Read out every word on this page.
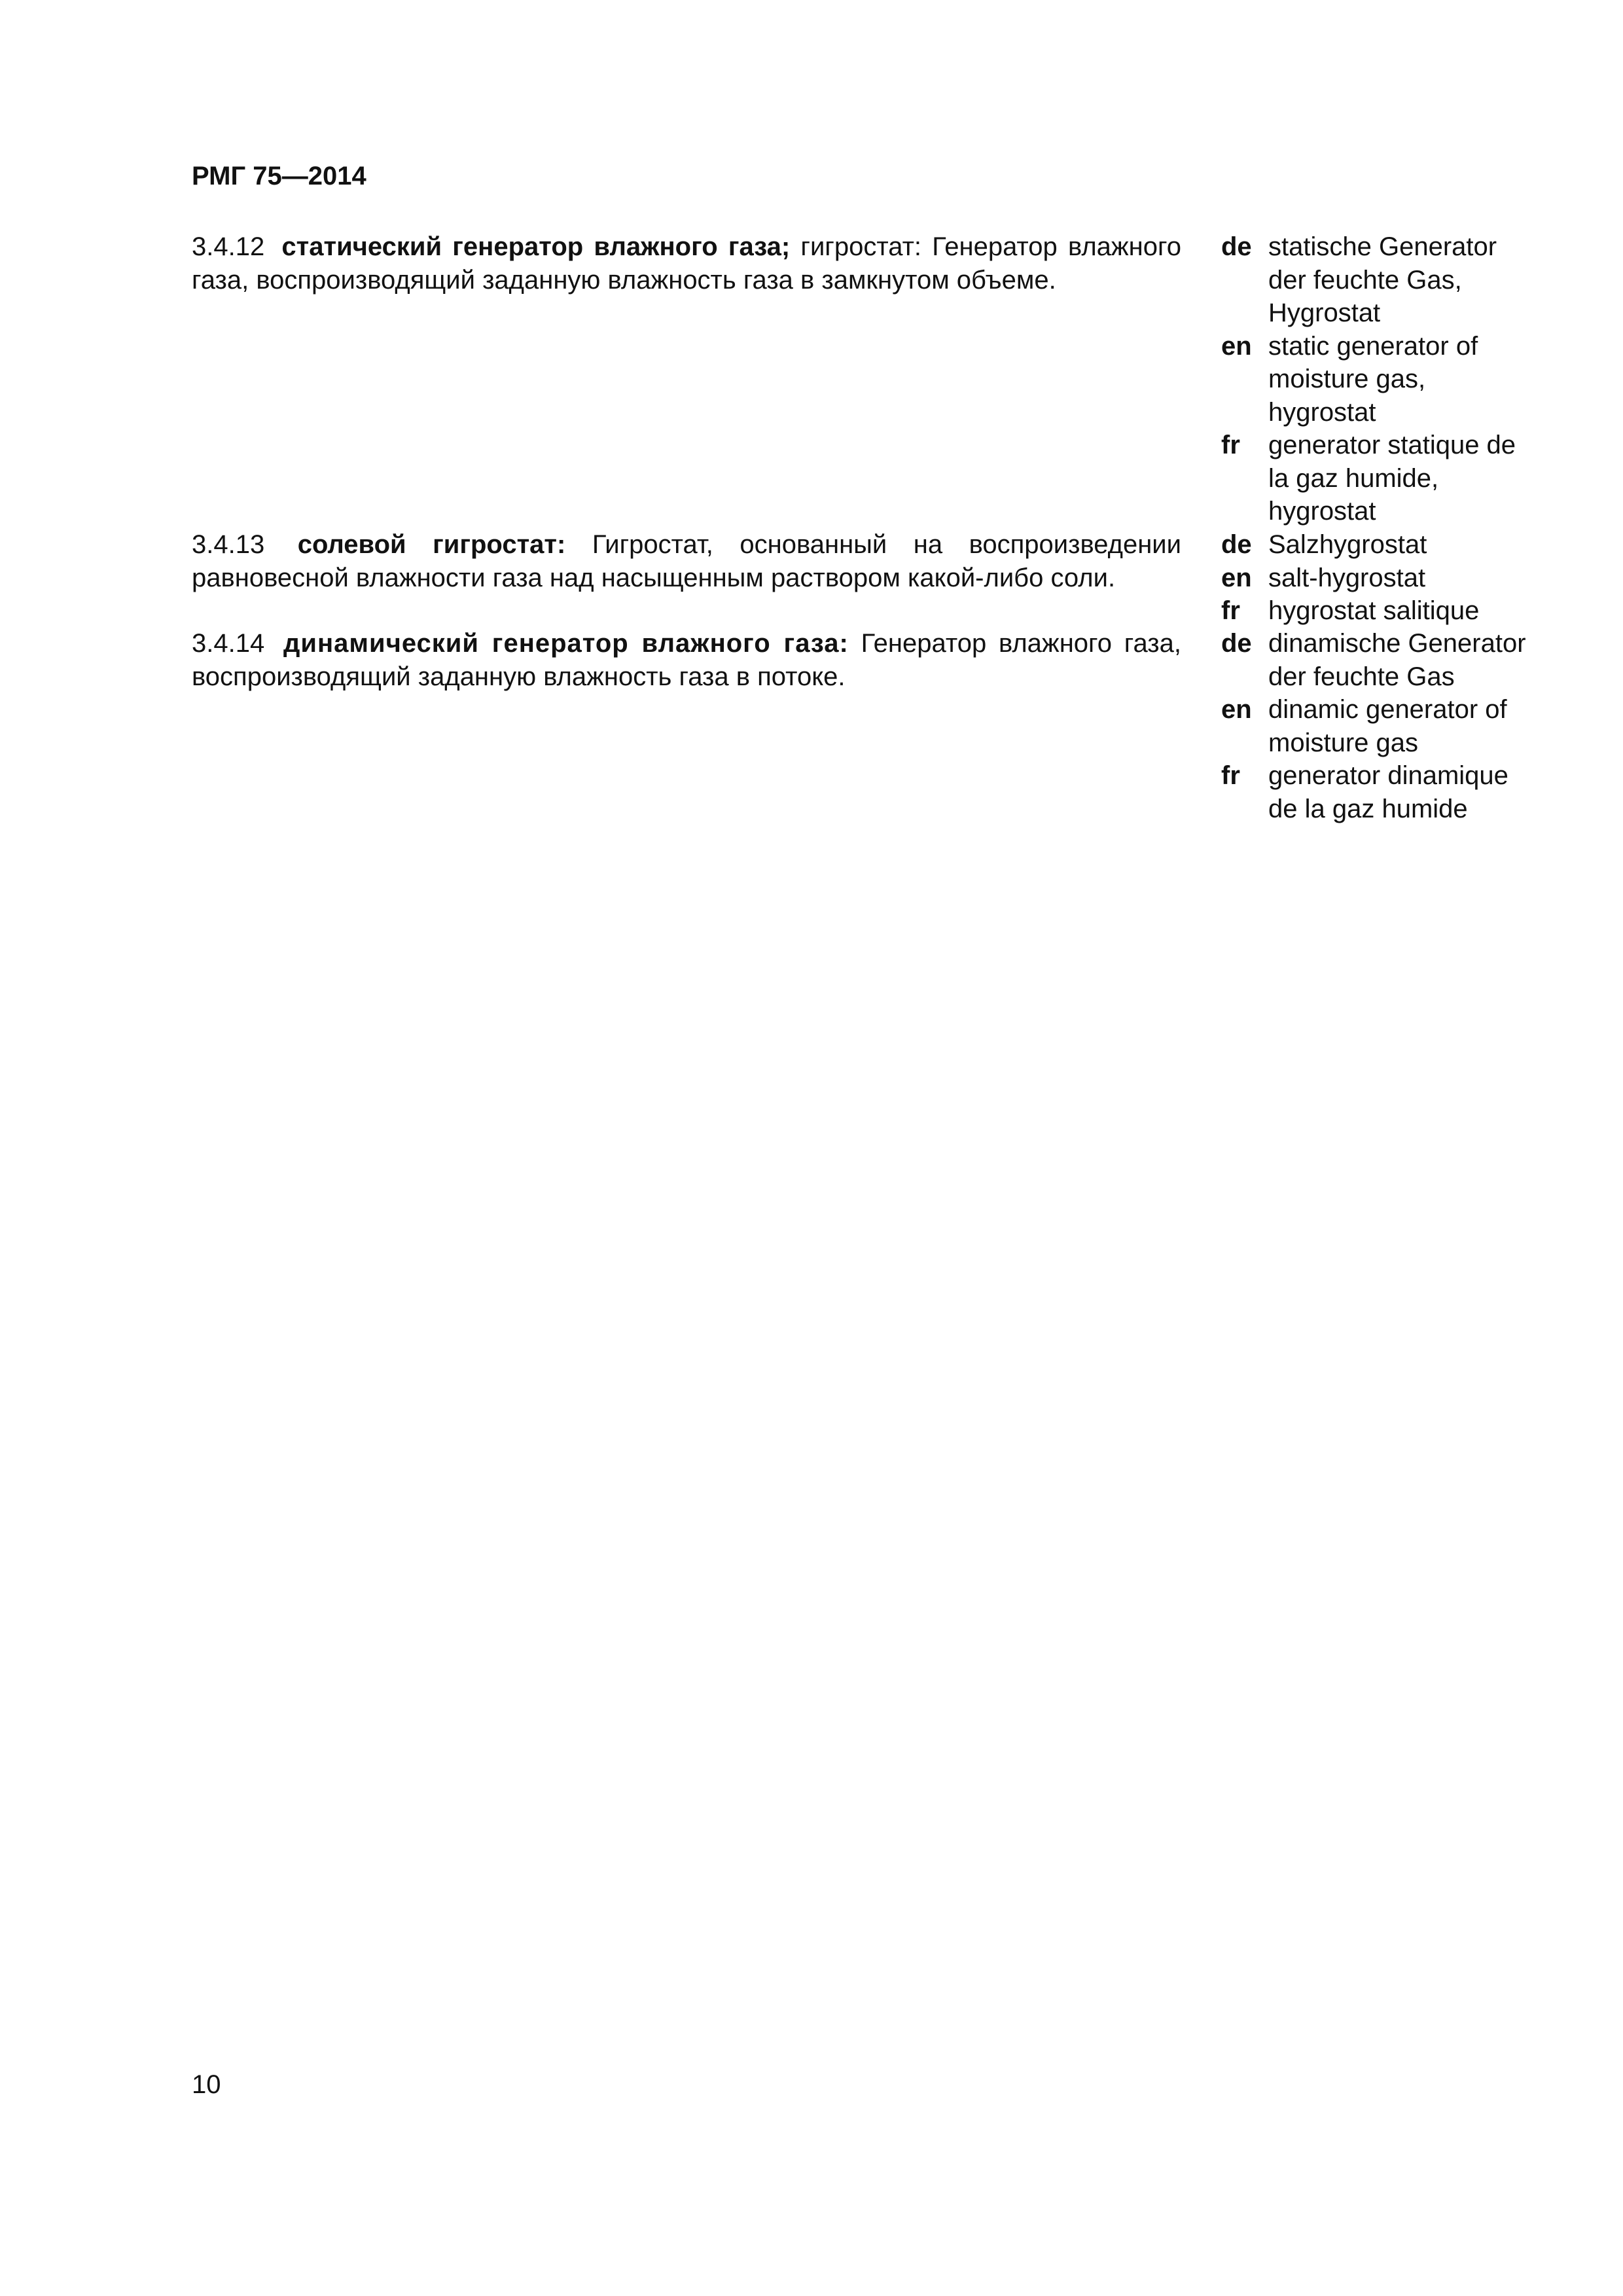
РМГ 75—2014

3.4.12 статический генератор влажного газа; гигростат: Генератор влажного газа, воспроизводящий заданную влажность газа в замкнутом объеме.

3.4.13 солевой гигростат: Гигростат, основанный на воспроизведении равновесной влажности газа над насыщенным раствором какой-либо соли.

3.4.14 динамический генератор влажного газа: Генератор влажного газа, воспроизводящий заданную влажность газа в потоке.

de statische Generator der feuchte Gas, Hygrostat
en static generator of moisture gas, hygrostat
fr generator statique de la gaz humide, hygrostat
de Salzhygrostat
en salt-hygrostat
fr hygrostat salitique
de dinamische Generator der feuchte Gas
en dinamic generator of moisture gas
fr generator dinamique de la gaz humide
10
